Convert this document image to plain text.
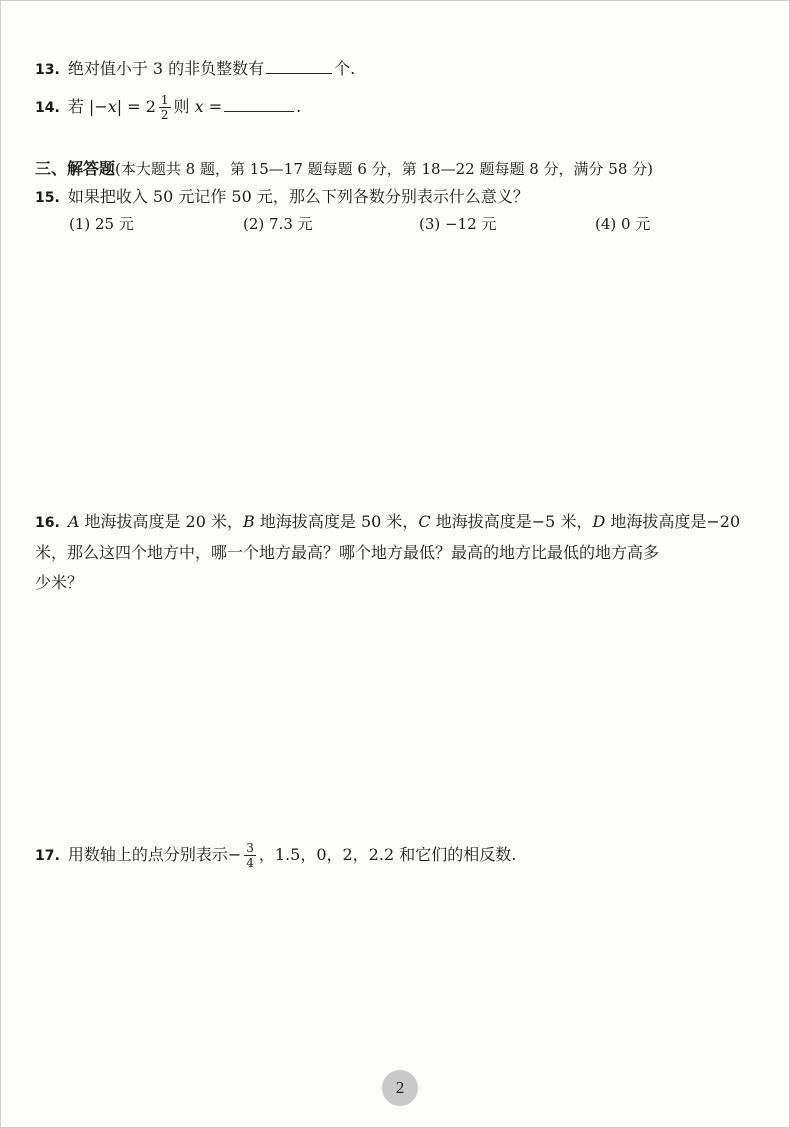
13. 绝对值小于 3 的非负整数有	个.
14. 若 $|-x| = 2 \frac{1}{2}$ 则 x =	.
三、解答题(本大题共 8 题，第 15—17 题每题 6 分，第 18—22 题每题 8 分，满分 58 分)
15. 如果把收入 50 元记作 50 元，那么下列各数分别表示什么意义？
(1) 25 元	(2) 7.3 元	(3) −12 元	(4) 0 元
16. A 地海拔高度是 20 米，B 地海拔高度是 50 米，C 地海拔高度是−5 米，D 地海拔高度是−20
米，那么这四个地方中，哪一个地方最高？哪个地方最低？最高的地方比最低的地方高多
少米？
17. 用数轴上的点分别表示− $\frac{3}{4}$ ，1.5，0，2，2.2 和它们的相反数.
2
